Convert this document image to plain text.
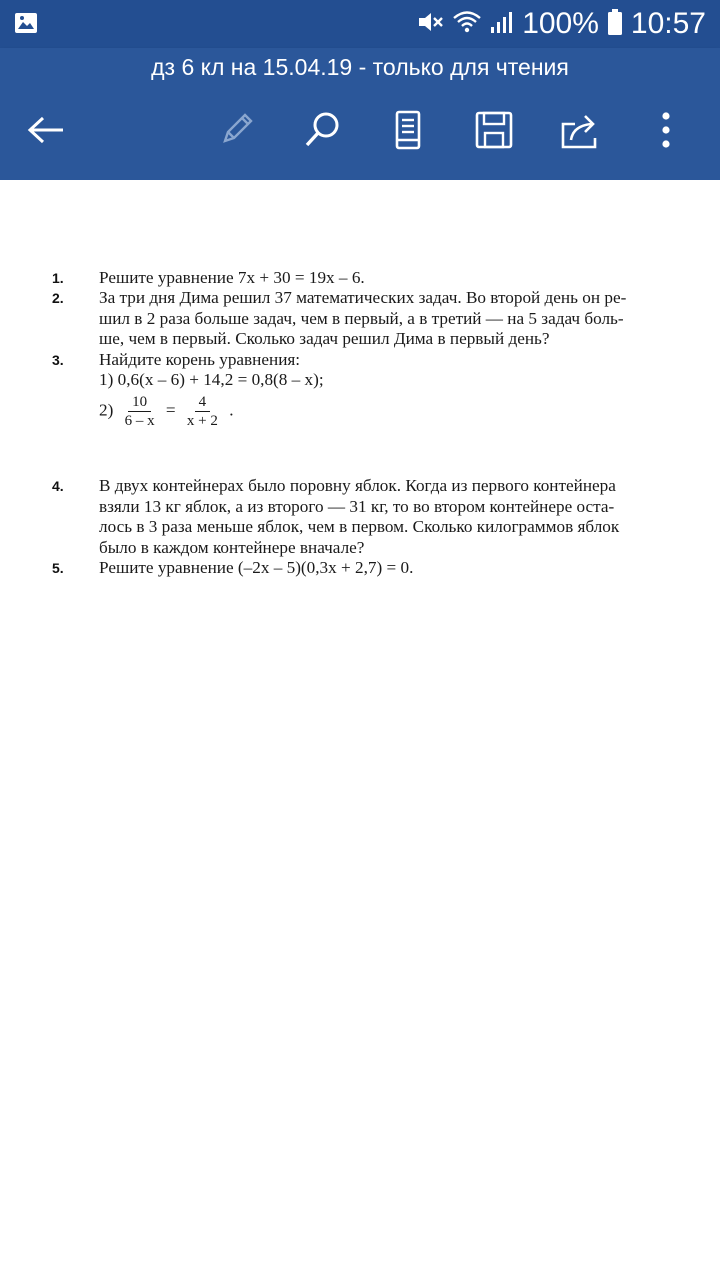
100% 10:57
дз 6 кл на 15.04.19 - только для чтения
1. Решите уравнение 7x + 30 = 19x – 6.
2. За три дня Дима решил 37 математических задач. Во второй день он ре-
шил в 2 раза больше задач, чем в первый, а в третий — на 5 задач боль-
ше, чем в первый. Сколько задач решил Дима в первый день?
3. Найдите корень уравнения:
1) 0,6(x – 6) + 14,2 = 0,8(8 – x);
$2) \frac{10}{6 - x} = \frac{4}{x + 2}$ .
4. В двух контейнерах было поровну яблок. Когда из первого контейнера
взяли 13 кг яблок, а из второго — 31 кг, то во втором контейнере оста-
лось в 3 раза меньше яблок, чем в первом. Сколько килограммов яблок
было в каждом контейнере вначале?
5. Решите уравнение (–2x – 5)(0,3x + 2,7) = 0.
